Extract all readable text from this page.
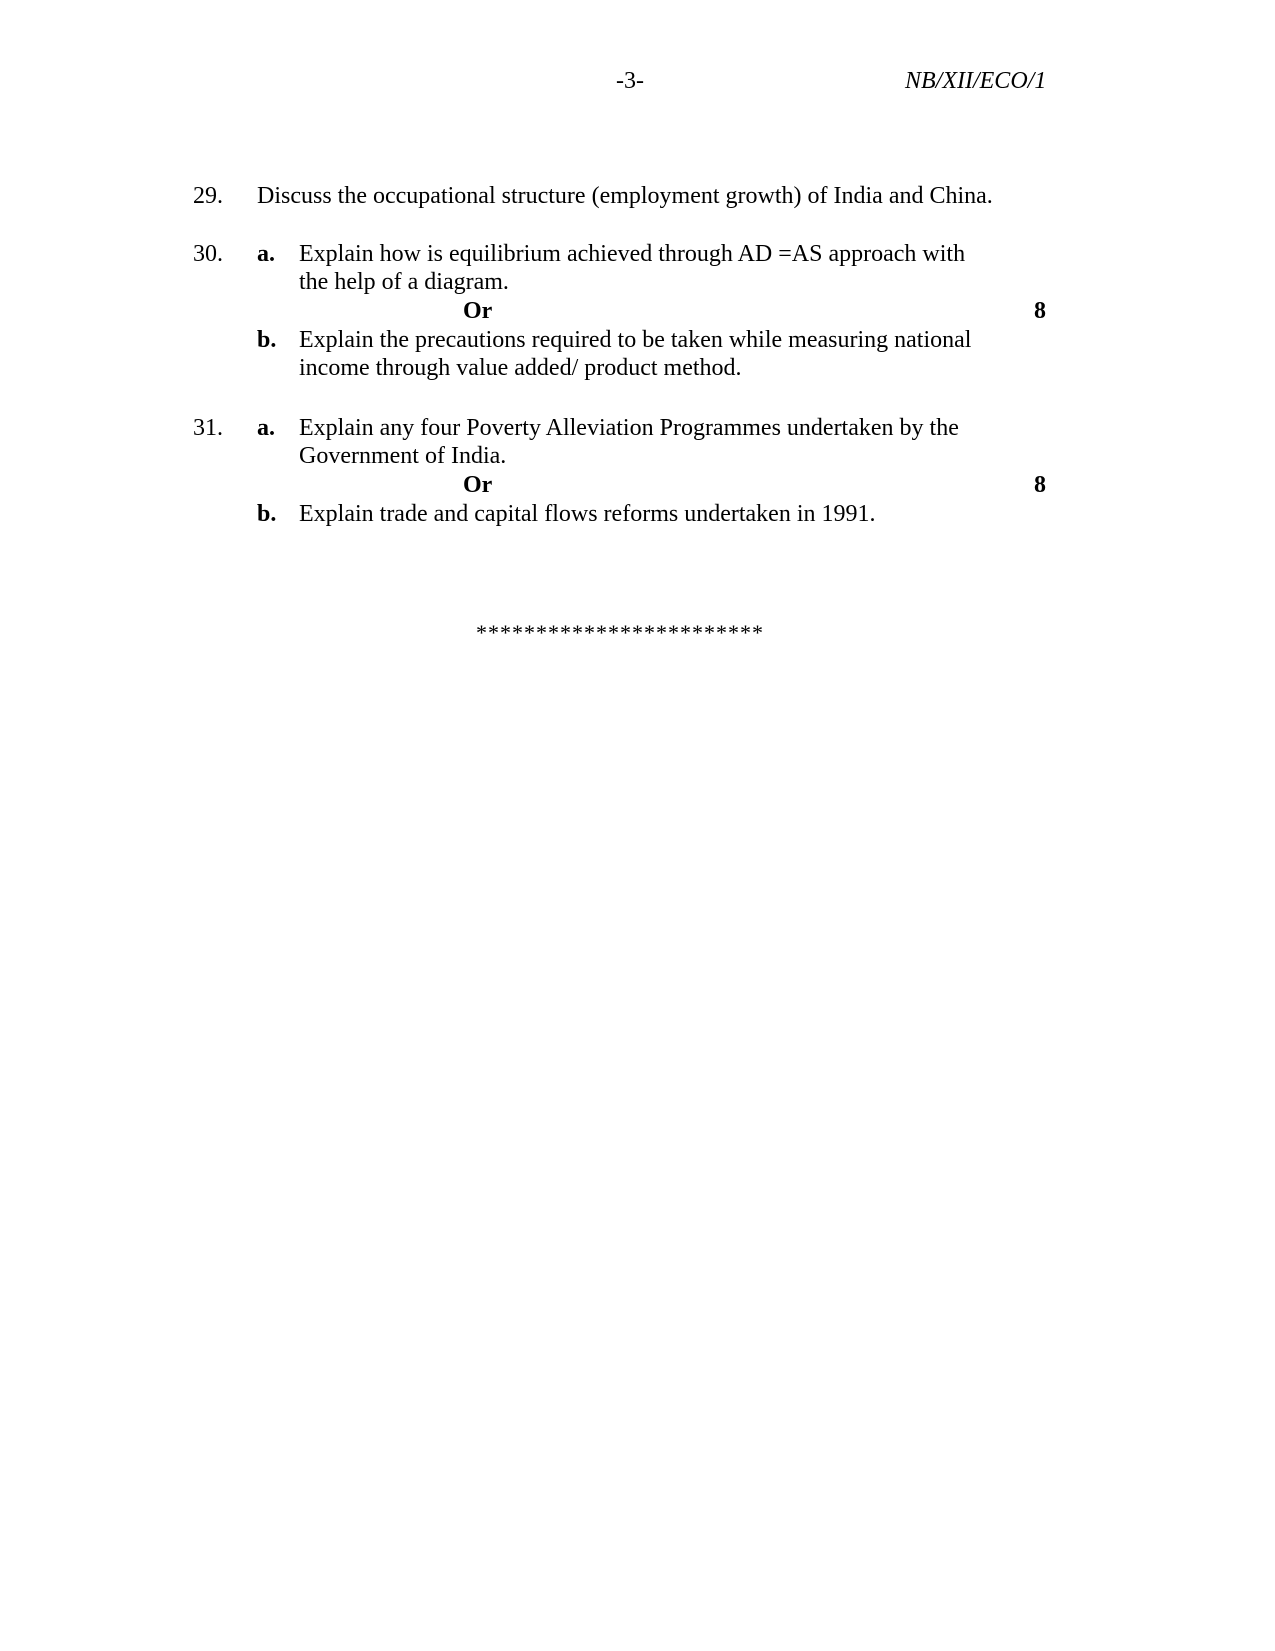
-3-	NB/XII/ECO/1
29. Discuss the occupational structure (employment growth) of India and China.
30. a. Explain how is equilibrium achieved through AD =AS approach with
the help of a diagram.
Or	8
b. Explain the precautions required to be taken while measuring national
income through value added/ product method.
31. a. Explain any four Poverty Alleviation Programmes undertaken by the
Government of India.
Or	8
b. Explain trade and capital flows reforms undertaken in 1991.
************************
